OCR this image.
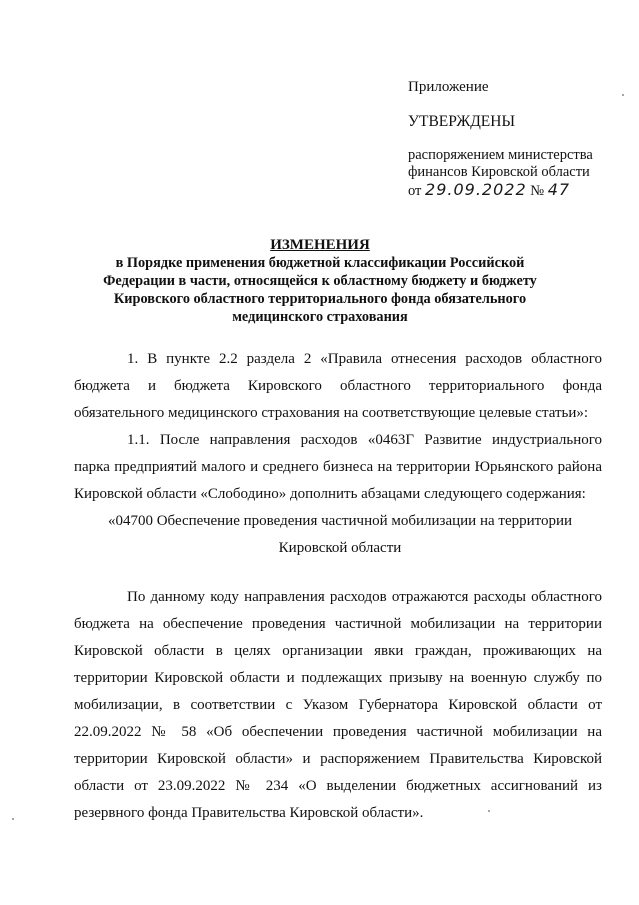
Приложение

УТВЕРЖДЕНЫ

распоряжением министерства

финансов Кировской области

от 29.09.2022 № 47

ИЗМЕНЕНИЯ
в Порядке применения бюджетной классификации Российской Федерации в части, относящейся к областному бюджету и бюджету Кировского областного территориального фонда обязательного медицинского страхования

1. В пункте 2.2 раздела 2 «Правила отнесения расходов областного бюджета и бюджета Кировского областного территориального фонда обязательного медицинского страхования на соответствующие целевые статьи»:

1.1. После направления расходов «0463Г Развитие индустриального парка предприятий малого и среднего бизнеса на территории Юрьянского района Кировской области «Слободино» дополнить абзацами следующего содержания:

«04700 Обеспечение проведения частичной мобилизации на территории
Кировской области

По данному коду направления расходов отражаются расходы областного бюджета на обеспечение проведения частичной мобилизации на территории Кировской области в целях организации явки граждан, проживающих на территории Кировской области и подлежащих призыву на военную службу по мобилизации, в соответствии с Указом Губернатора Кировской области от 22.09.2022 № 58 «Об обеспечении проведения частичной мобилизации на территории Кировской области» и распоряжением Правительства Кировской области от 23.09.2022 № 234 «О выделении бюджетных ассигнований из резервного фонда Правительства Кировской области».
